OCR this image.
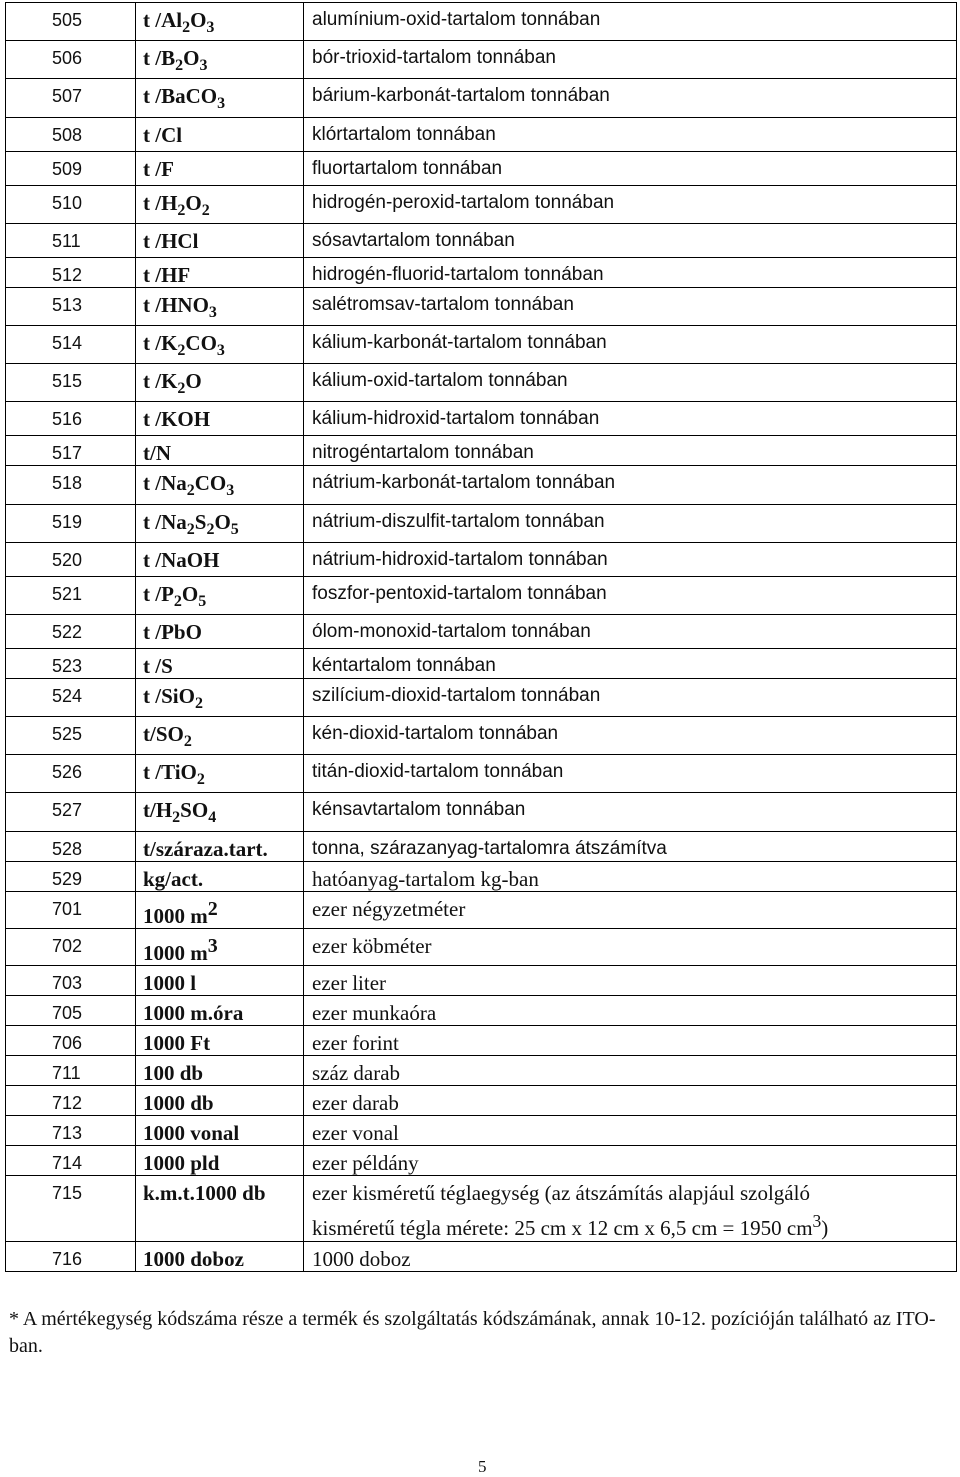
505	t $/Al_2O_3$	alumínium-oxid-tartalom tonnában

506	t $/B_2O_3$	bór-trioxid-tartalom tonnában

507	t /BaCO$_3$	bárium-karbonát-tartalom tonnában

508	t /Cl	klórtartalom tonnában

509	t /F	fluortartalom tonnában

510	t $/H_2O_2$	hidrogén-peroxid-tartalom tonnában

511	t /HCl	sósavtartalom tonnában

512	t /HF	hidrogén-fluorid-tartalom tonnában

513	t $/HNO_3$	salétromsav-tartalom tonnában

514	t $/K_2CO_3$	kálium-karbonát-tartalom tonnában

515	t $/K_2O$	kálium-oxid-tartalom tonnában

516	t /KOH	kálium-hidroxid-tartalom tonnában

517	t/N	nitrogéntartalom tonnában

518	t $/Na_2CO_3$	nátrium-karbonát-tartalom tonnában

519	t $/Na_2S_2O_5$	nátrium-diszulfit-tartalom tonnában

520	t /NaOH	nátrium-hidroxid-tartalom tonnában

521	t $/P_2O_5$	foszfor-pentoxid-tartalom tonnában

522	t /PbO	ólom-monoxid-tartalom tonnában

523	t /S	kéntartalom tonnában

524	t /SiO$_2$	szilícium-dioxid-tartalom tonnában

525	$t/SO_2$	kén-dioxid-tartalom tonnában

526	t /TiO$_2$	titán-dioxid-tartalom tonnában

527	$t/H_2SO_4$	kénsavtartalom tonnában

528	t/száraza.tart.	tonna, szárazanyag-tartalomra átszámítva

529	kg/act.	hatóanyag-tartalom kg-ban

701	1000 $m^2$	ezer négyzetméter

702	1000 $m^3$	ezer köbméter

703	1000 l	ezer liter

705	1000 m.óra	ezer munkaóra

706	1000 Ft	ezer forint

711	100 db	száz darab

712	1000 db	ezer darab

713	1000 vonal	ezer vonal

714	1000 pld	ezer példány

715	k.m.t.1000 db	ezer kisméretű téglaegység (az átszámítás alapjául szolgáló
kisméretű tégla mérete: 25 cm x 12 cm x 6,5 cm = 1950 $cm^3$)

716	1000 doboz	1000 doboz
* A mértékegység kódszáma része a termék és szolgáltatás kódszámának, annak 10-12. pozícióján található az ITO-ban.
5
